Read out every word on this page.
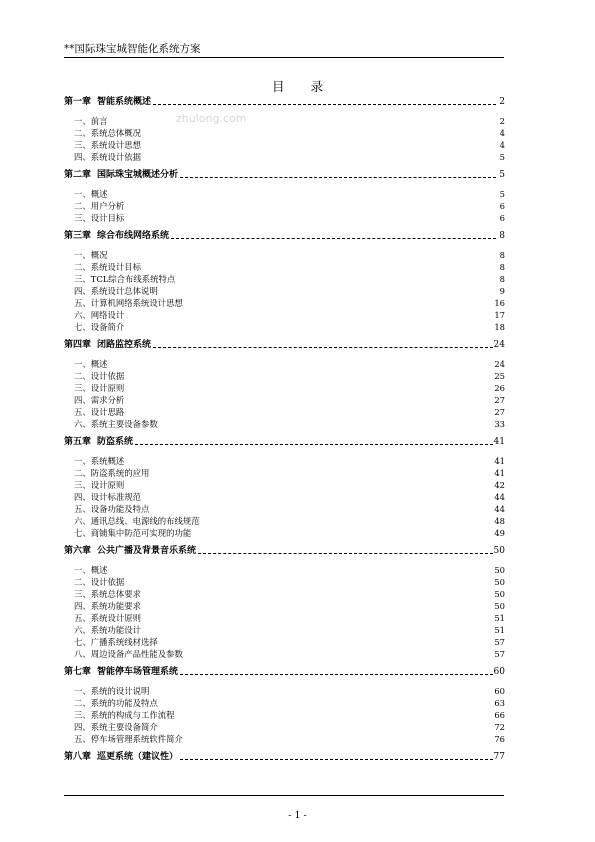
**国际珠宝城智能化系统方案
目 录
zhulong.com
第一章 智能系统概述	2
一、前言	2
二、系统总体概况	4
三、系统设计思想	4
四、系统设计依据	5
第二章 国际珠宝城概述分析	5
一、概述	5
二、用户分析	6
三、设计目标	6
第三章 综合布线网络系统	8
一、概况	8
二、系统设计目标	8
三、TCL综合布线系统特点	8
四、系统设计总体说明	9
五、计算机网络系统设计思想	16
六、网络设计	17
七、设备简介	18
第四章 闭路监控系统	24
一、概述	24
二、设计依据	25
三、设计原则	26
四、需求分析	27
五、设计思路	27
六、系统主要设备参数	33
第五章 防盗系统	41
一、系统概述	41
二、防盗系统的应用	41
三、设计原则	42
四、设计标准规范	44
五、设备功能及特点	44
六、通讯总线、电源线的布线规范	48
七、商铺集中防范可实现的功能	49
第六章 公共广播及背景音乐系统	50
一、概述	50
二、设计依据	50
三、系统总体要求	50
四、系统功能要求	50
五、系统设计原则	51
六、系统功能设计	51
七、广播系统线材选择	57
八、周边设备产品性能及参数	57
第七章 智能停车场管理系统	60
一、系统的设计说明	60
二、系统的功能及特点	63
三、系统的构成与工作流程	66
四、系统主要设备简介	72
五、停车场管理系统软件简介	76
第八章 巡更系统（建议性）	77
- 1 -
